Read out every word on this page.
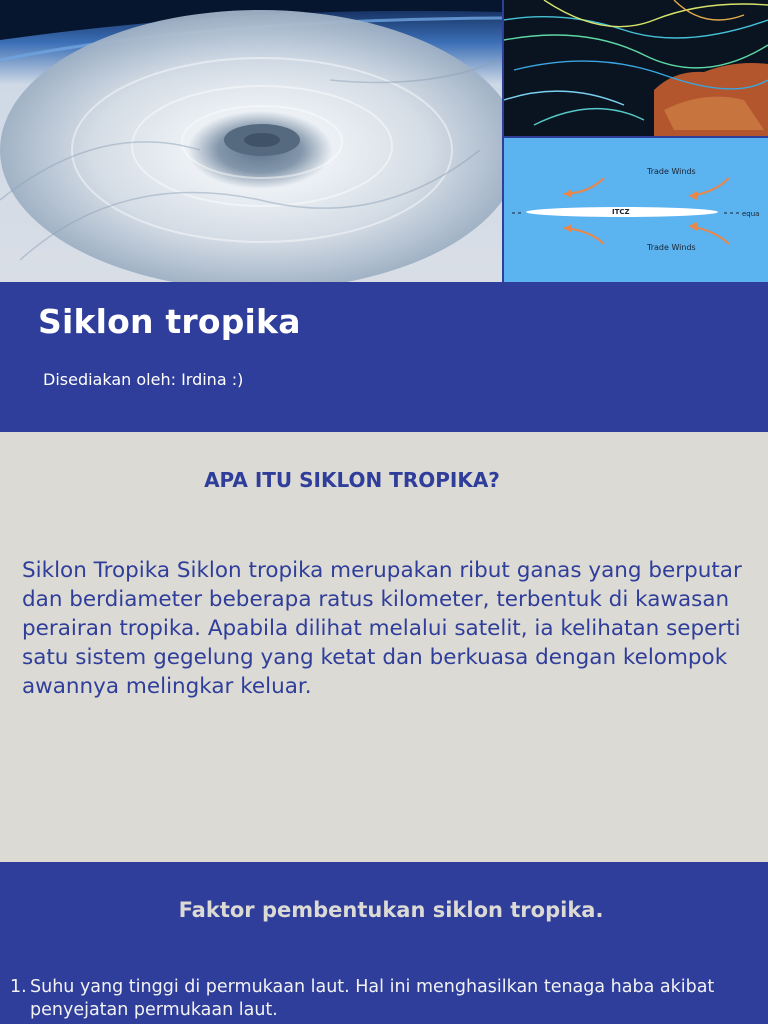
Trade Winds
Trade Winds
ITCZ	equa
Siklon tropika

Disediakan oleh: Irdina :)

APA ITU SIKLON TROPIKA?

Siklon Tropika Siklon tropika merupakan ribut ganas yang berputar dan berdiameter beberapa ratus kilometer, terbentuk di kawasan perairan tropika. Apabila dilihat melalui satelit, ia kelihatan seperti satu sistem gegelung yang ketat dan berkuasa dengan kelompok awannya melingkar keluar.

Faktor pembentukan siklon tropika.
1. Suhu yang tinggi di permukaan laut. Hal ini menghasilkan tenaga haba akibat penyejatan permukaan laut.
